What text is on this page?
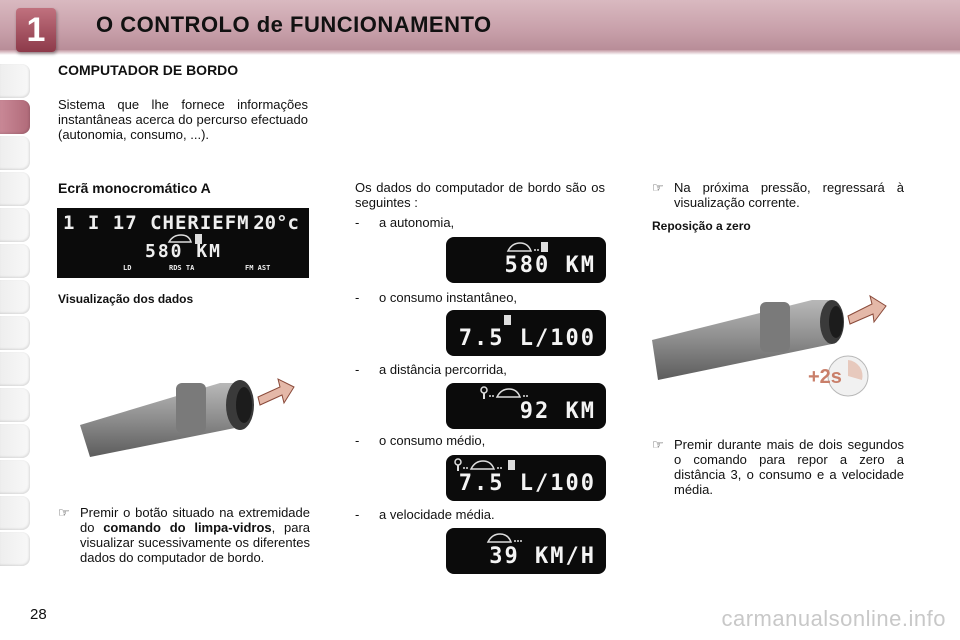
1	O CONTROLO de FUNCIONAMENTO
COMPUTADOR DE BORDO
Sistema que lhe fornece informações instantâneas acerca do percurso efectuado (autonomia, consumo, ...).
Ecrã monocromático A
1 I 17 CHERIEFM 20°c
580 KM
LD	RDS TA	FM AST
Visualização dos dados
☞ Premir o botão situado na extremidade do comando do limpa-vidros, para visualizar sucessivamente os diferentes dados do computador de bordo.
Os dados do computador de bordo são os seguintes :
- a autonomia,
580 KM
- o consumo instantâneo,
7.5 L/100
- a distância percorrida,
92 KM
- o consumo médio,
7.5 L/100
- a velocidade média.
39 KM/H
☞ Na próxima pressão, regressará à visualização corrente.
Reposição a zero
+2s
☞ Premir durante mais de dois segundos o comando para repor a zero a distância 3, o consumo e a velocidade média.
28	carmanualsonline.info
